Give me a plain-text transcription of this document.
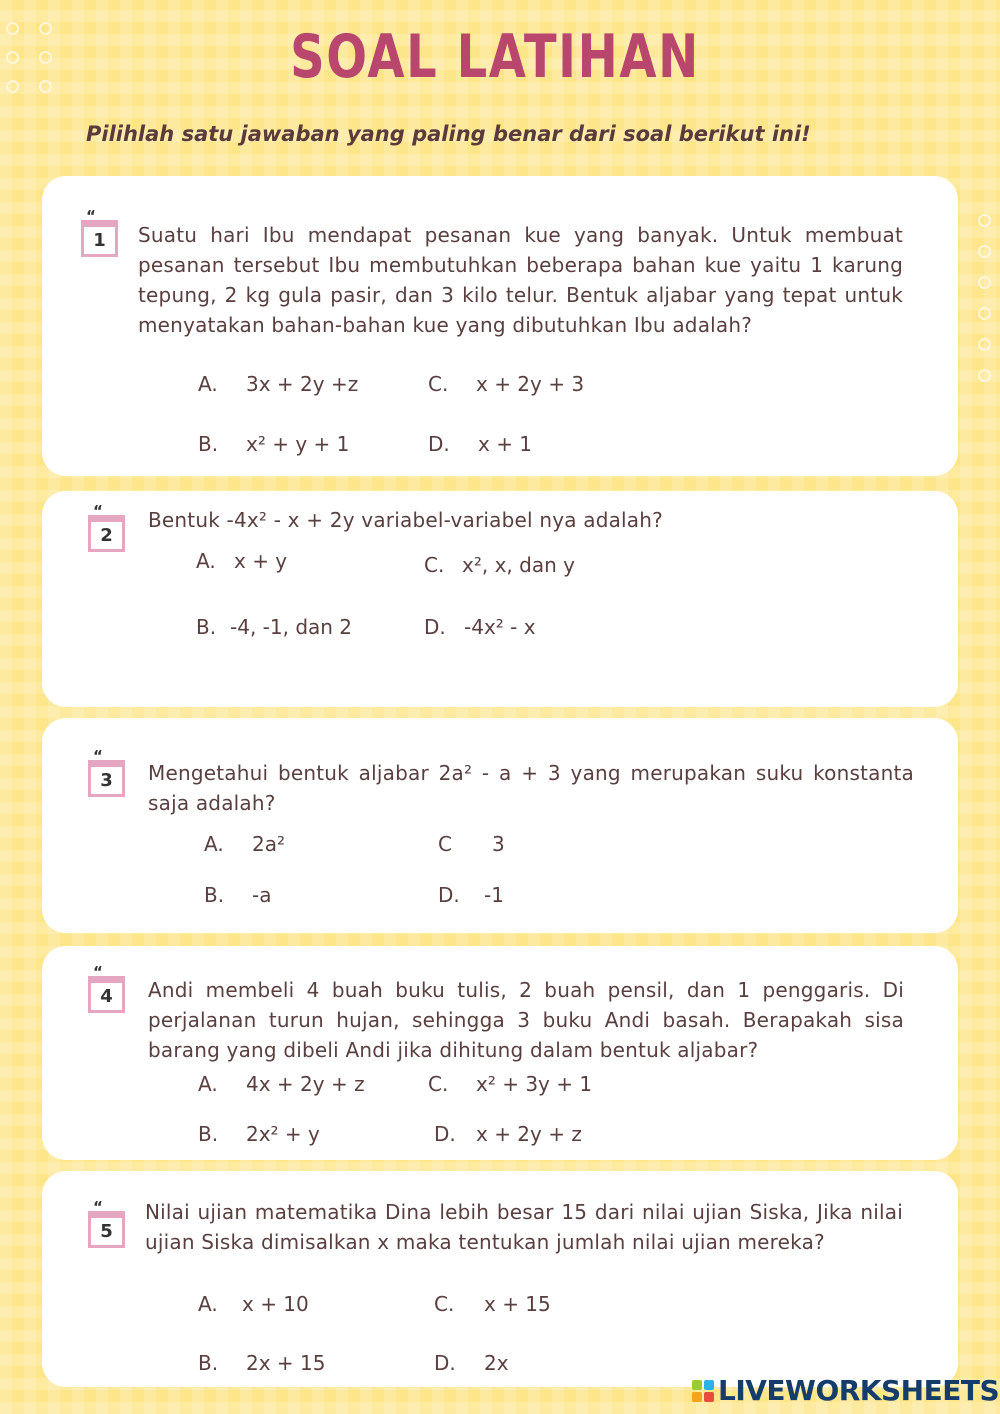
SOAL LATIHAN
Pilihlah satu jawaban yang paling benar dari soal berikut ini!
“ 1	Suatu hari Ibu mendapat pesanan kue yang banyak. Untuk membuat pesanan tersebut Ibu membutuhkan beberapa bahan kue yaitu 1 karung tepung, 2 kg gula pasir, dan 3 kilo telur. Bentuk aljabar yang tepat untuk menyatakan bahan-bahan kue yang dibutuhkan Ibu adalah?
A. 3x + 2y +z	C. x + 2y + 3
B. x² + y + 1	D. x + 1
“ 2
Bentuk -4x² - x + 2y variabel-variabel nya adalah?
A. x + y	C. x², x, dan y
B. -4, -1, dan 2	D. -4x² - x
“ 3	Mengetahui bentuk aljabar 2a² - a + 3 yang merupakan suku konstanta saja adalah?
A. 2a²	C 3
B. -a	D. -1
“ 4	Andi membeli 4 buah buku tulis, 2 buah pensil, dan 1 penggaris. Di perjalanan turun hujan, sehingga 3 buku Andi basah. Berapakah sisa barang yang dibeli Andi jika dihitung dalam bentuk aljabar?
A. 4x + 2y + z	C. x² + 3y + 1
B. 2x² + y	D. x + 2y + z
“ 5
Nilai ujian matematika Dina lebih besar 15 dari nilai ujian Siska, Jika nilai ujian Siska dimisalkan x maka tentukan jumlah nilai ujian mereka?
A. x + 10	C. x + 15
B. 2x + 15	D. 2x
LIVEWORKSHEETS
